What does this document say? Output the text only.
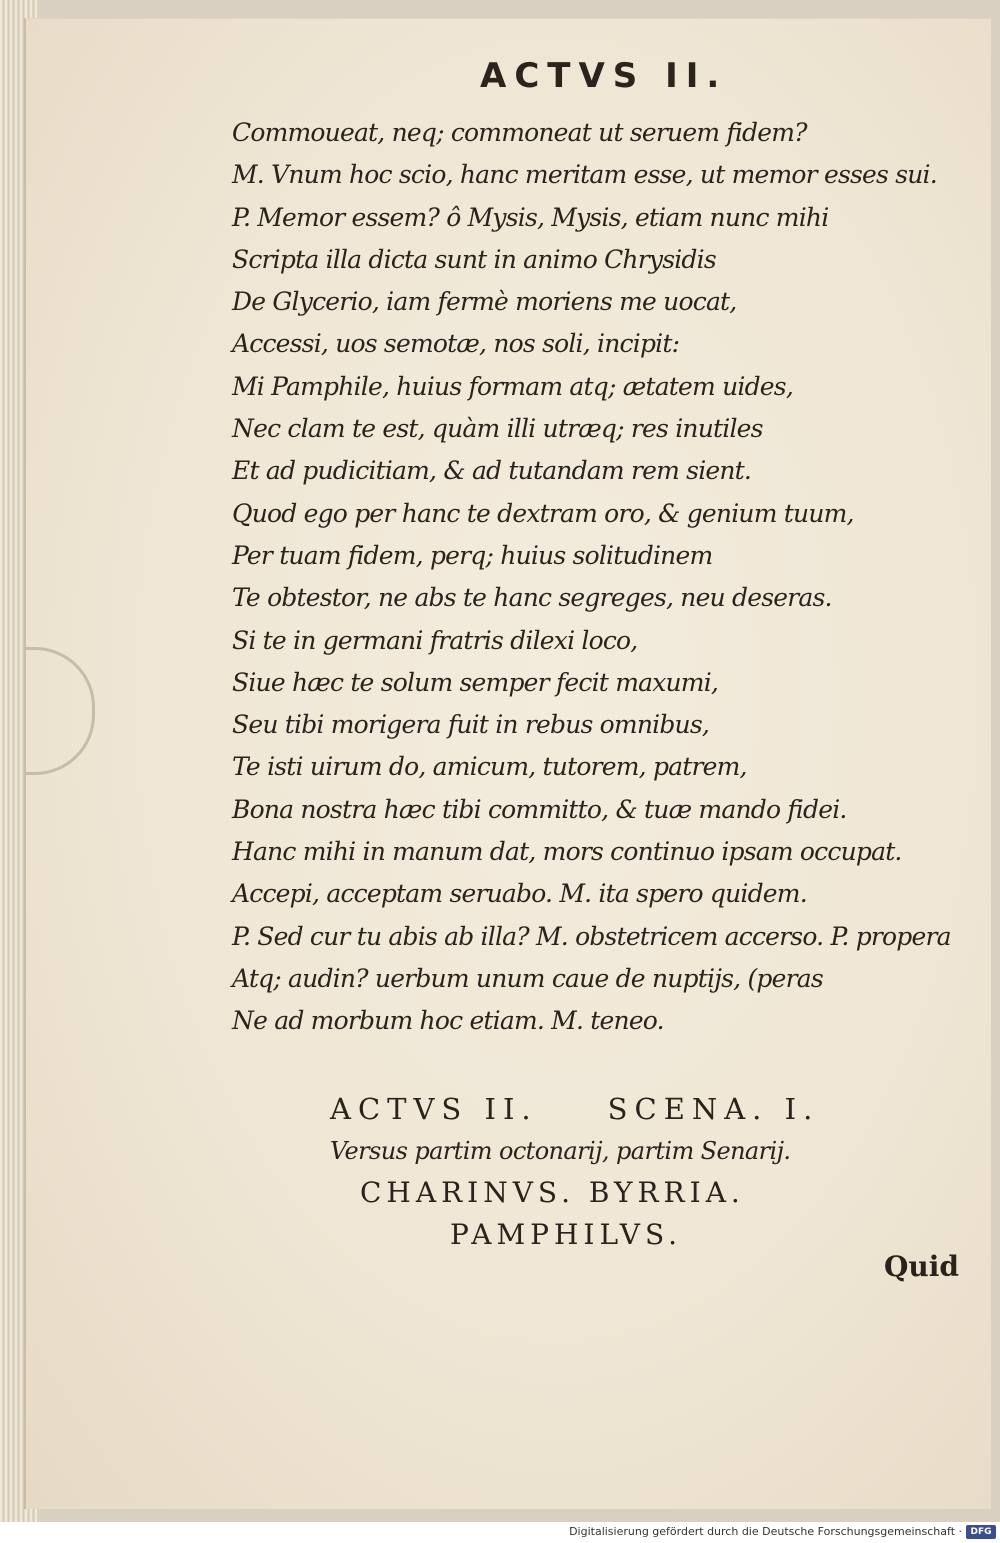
ACTVS II.

Commoueat, neq; commoneat ut seruem fidem?
M. Vnum hoc scio, hanc meritam esse, ut memor esses sui.
P. Memor essem? ô Mysis, Mysis, etiam nunc mihi
Scripta illa dicta sunt in animo Chrysidis
De Glycerio, iam fermè moriens me uocat,
Accessi, uos semotæ, nos soli, incipit:
Mi Pamphile, huius formam atq; ætatem uides,
Nec clam te est, quàm illi utræq; res inutiles
Et ad pudicitiam, & ad tutandam rem sient.
Quod ego per hanc te dextram oro, & genium tuum,
Per tuam fidem, perq; huius solitudinem
Te obtestor, ne abs te hanc segreges, neu deseras.
Si te in germani fratris dilexi loco,
Siue hæc te solum semper fecit maxumi,
Seu tibi morigera fuit in rebus omnibus,
Te isti uirum do, amicum, tutorem, patrem,
Bona nostra hæc tibi committo, & tuæ mando fidei.
Hanc mihi in manum dat, mors continuo ipsam occupat.
Accepi, acceptam seruabo. M. ita spero quidem.
P. Sed cur tu abis ab illa? M. obstetricem accerso. P. propera
Atq; audin? uerbum unum caue de nuptijs, (peras
Ne ad morbum hoc etiam. M. teneo.
ACTVS II. SCENA. I.
Versus partim octonarij, partim Senarij.
CHARINVS. BYRRIA.
PAMPHILVS.

Quid

Digitalisierung gefördert durch die Deutsche Forschungsgemeinschaft · DFG
